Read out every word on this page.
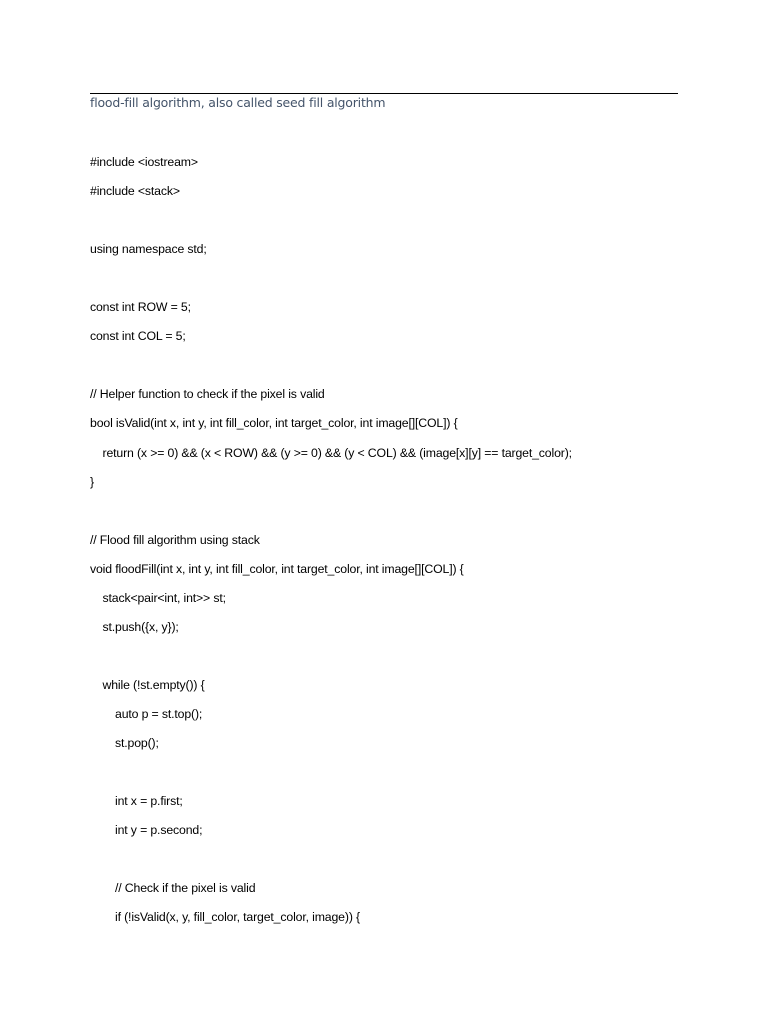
flood-fill algorithm, also called seed fill algorithm
#include <iostream>
#include <stack>
using namespace std;
const int ROW = 5;
const int COL = 5;
// Helper function to check if the pixel is valid
bool isValid(int x, int y, int fill_color, int target_color, int image[][COL]) {
return (x >= 0) && (x < ROW) && (y >= 0) && (y < COL) && (image[x][y] == target_color);
}
// Flood fill algorithm using stack
void floodFill(int x, int y, int fill_color, int target_color, int image[][COL]) {
stack<pair<int, int>> st;
st.push({x, y});
while (!st.empty()) {
auto p = st.top();
st.pop();
int x = p.first;
int y = p.second;
// Check if the pixel is valid
if (!isValid(x, y, fill_color, target_color, image)) {
